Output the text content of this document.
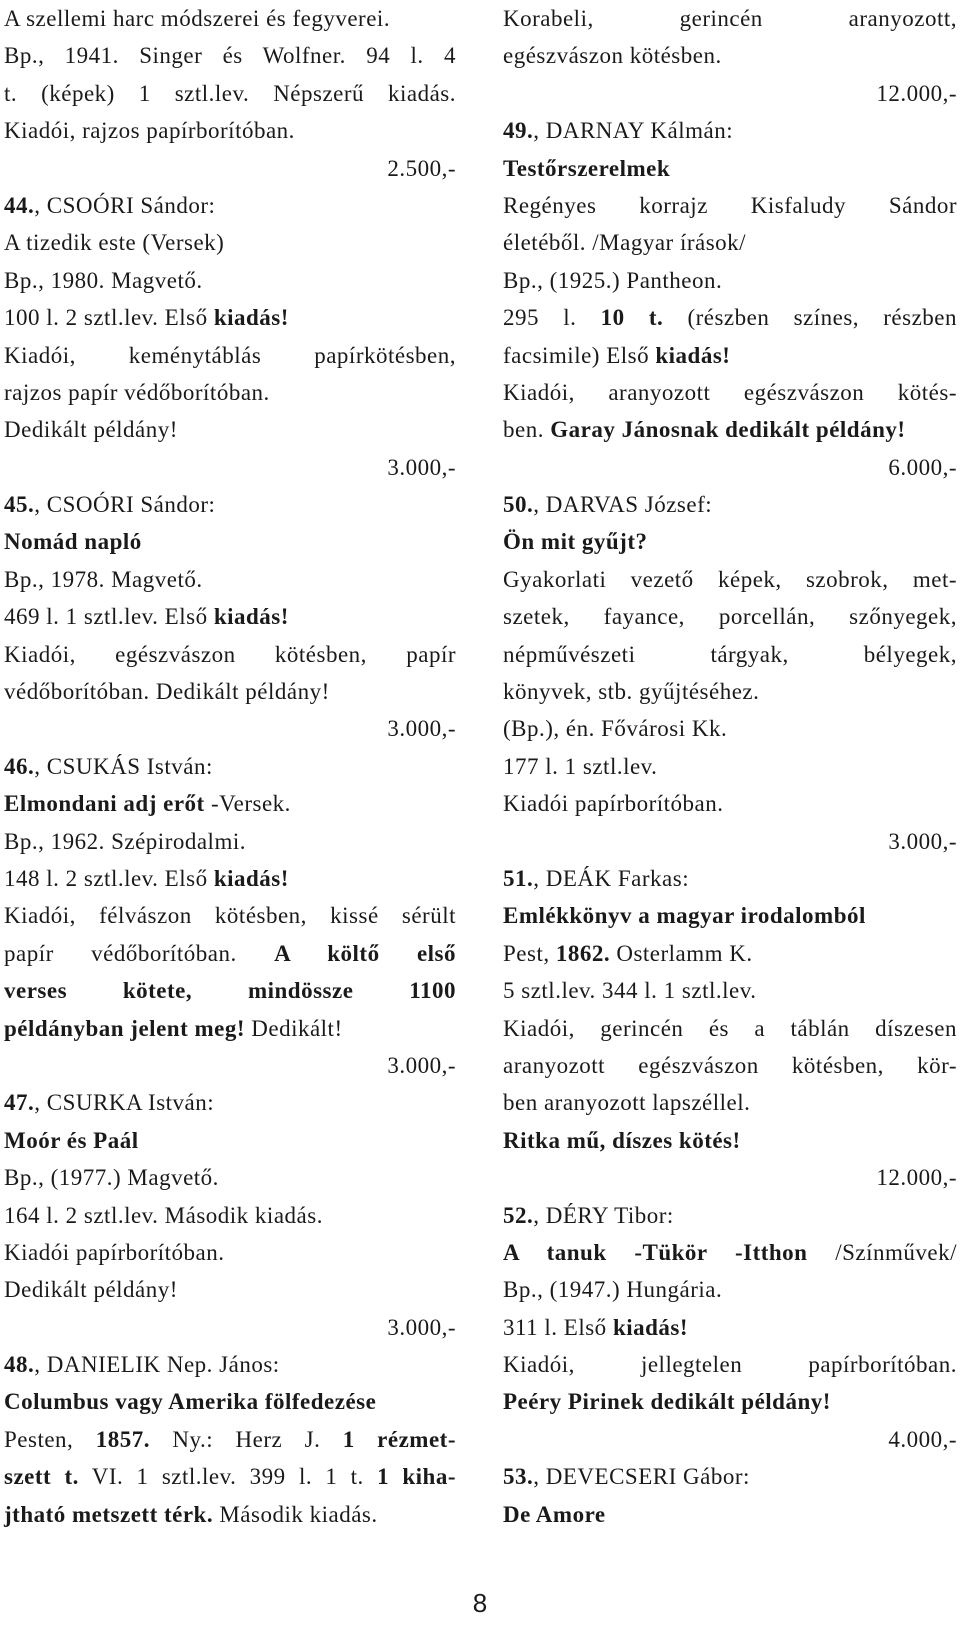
A szellemi harc módszerei és fegyverei.
Bp., 1941. Singer és Wolfner. 94 l. 4
t. (képek) 1 sztl.lev. Népszerű kiadás.
Kiadói, rajzos papírborítóban.
2.500,-
44., CSOÓRI Sándor:
A tizedik este (Versek)
Bp., 1980. Magvető.
100 l. 2 sztl.lev. Első kiadás!
Kiadói, keménytáblás papírkötésben,
rajzos papír védőborítóban.
Dedikált példány!
3.000,-
45., CSOÓRI Sándor:
Nomád napló
Bp., 1978. Magvető.
469 l. 1 sztl.lev. Első kiadás!
Kiadói, egészvászon kötésben, papír
védőborítóban. Dedikált példány!
3.000,-
46., CSUKÁS István:
Elmondani adj erőt -Versek.
Bp., 1962. Szépirodalmi.
148 l. 2 sztl.lev. Első kiadás!
Kiadói, félvászon kötésben, kissé sérült
papír védőborítóban. A költő első
verses kötete, mindössze 1100
példányban jelent meg! Dedikált!
3.000,-
47., CSURKA István:
Moór és Paál
Bp., (1977.) Magvető.
164 l. 2 sztl.lev. Második kiadás.
Kiadói papírborítóban.
Dedikált példány!
3.000,-
48., DANIELIK Nep. János:
Columbus vagy Amerika fölfedezése
Pesten, 1857. Ny.: Herz J. 1 rézmet-
szett t. VI. 1 sztl.lev. 399 l. 1 t. 1 kiha-
jtható metszett térk. Második kiadás.
Korabeli, gerincén aranyozott,
egészvászon kötésben.
12.000,-
49., DARNAY Kálmán:
Testőrszerelmek
Regényes korrajz Kisfaludy Sándor
életéből. /Magyar írások/
Bp., (1925.) Pantheon.
295 l. 10 t. (részben színes, részben
facsimile) Első kiadás!
Kiadói, aranyozott egészvászon kötés-
ben. Garay Jánosnak dedikált példány!
6.000,-
50., DARVAS József:
Ön mit gyűjt?
Gyakorlati vezető képek, szobrok, met-
szetek, fayance, porcellán, szőnyegek,
népművészeti tárgyak, bélyegek,
könyvek, stb. gyűjtéséhez.
(Bp.), én. Fővárosi Kk.
177 l. 1 sztl.lev.
Kiadói papírborítóban.
3.000,-
51., DEÁK Farkas:
Emlékkönyv a magyar irodalomból
Pest, 1862. Osterlamm K.
5 sztl.lev. 344 l. 1 sztl.lev.
Kiadói, gerincén és a táblán díszesen
aranyozott egészvászon kötésben, kör-
ben aranyozott lapszéllel.
Ritka mű, díszes kötés!
12.000,-
52., DÉRY Tibor:
A tanuk -Tükör -Itthon /Színművek/
Bp., (1947.) Hungária.
311 l. Első kiadás!
Kiadói, jellegtelen papírborítóban.
Peéry Pirinek dedikált példány!
4.000,-
53., DEVECSERI Gábor:
De Amore
8
